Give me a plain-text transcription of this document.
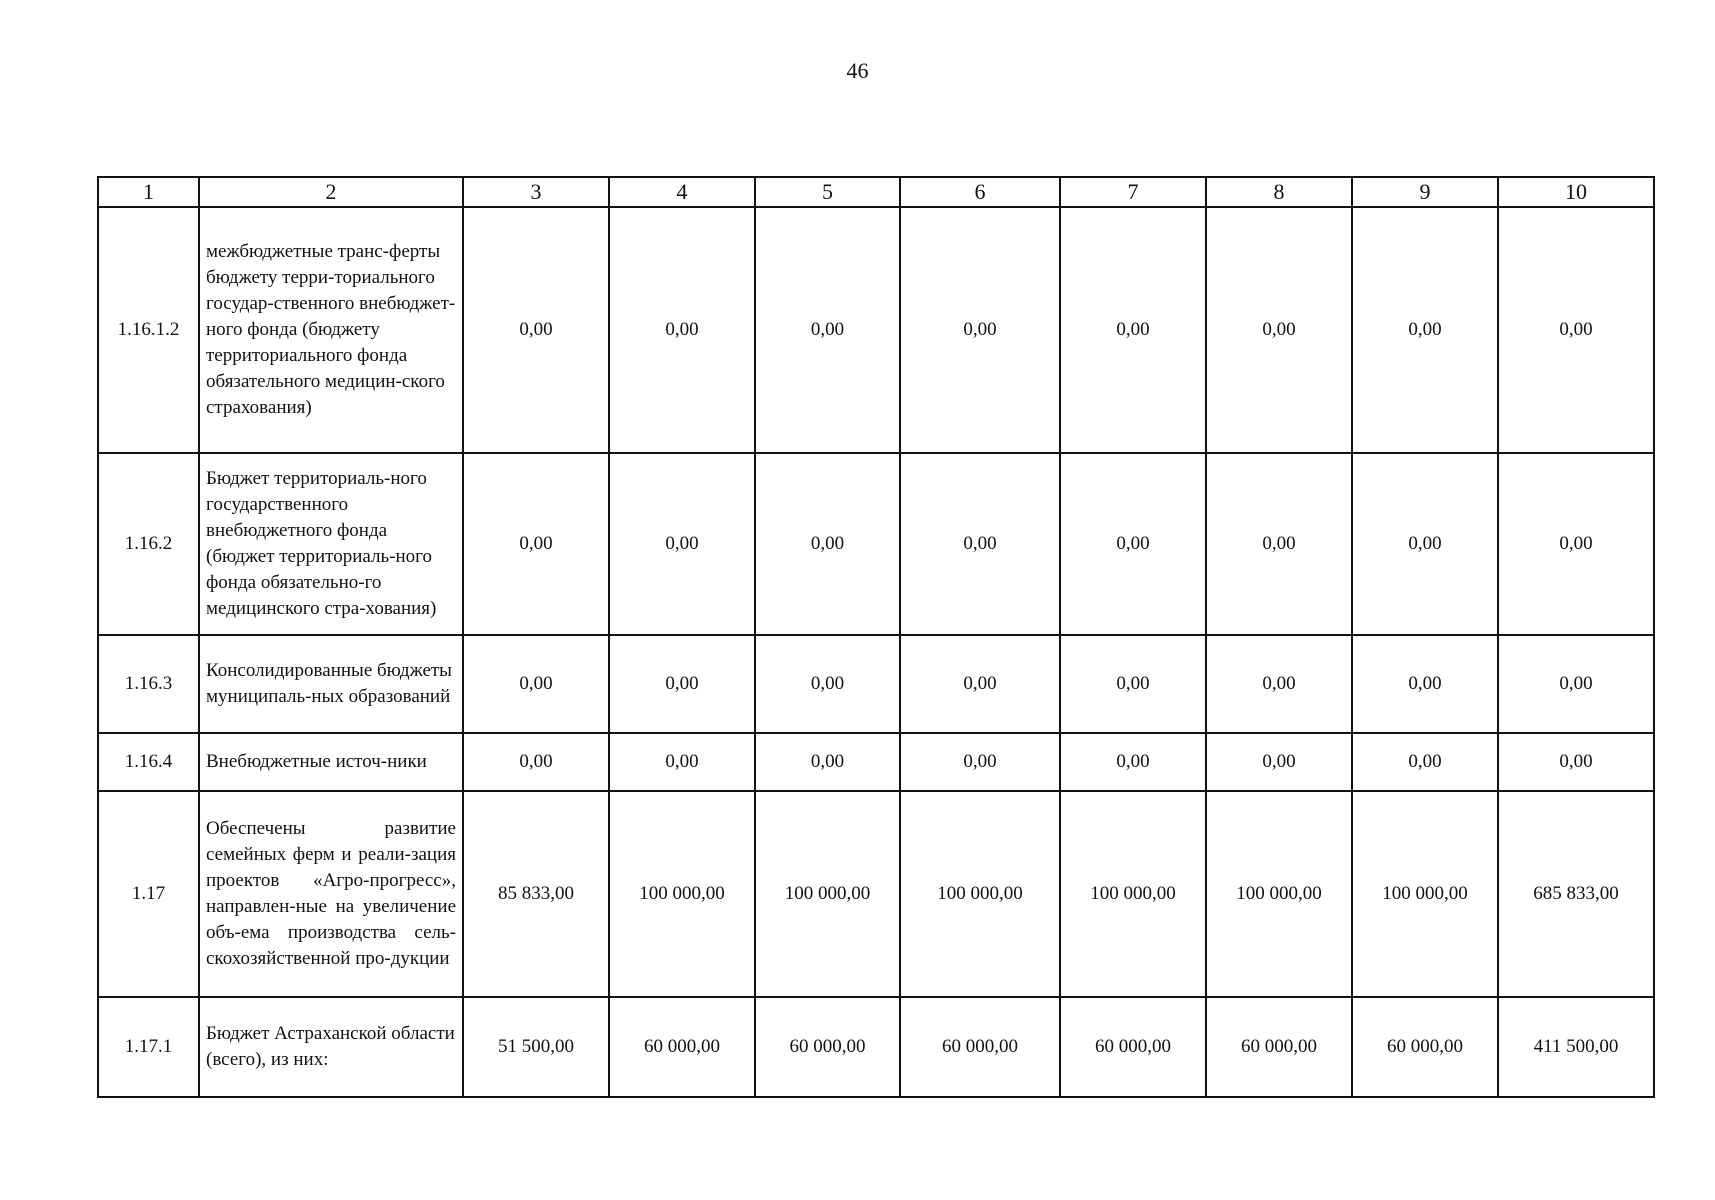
46
1	2	3	4	5	6	7	8	9	10
1.16.1.2	межбюджетные транс-ферты бюджету терри-ториального государ-ственного внебюджет-ного фонда (бюджету территориального фонда обязательного медицин-ского страхования)	0,00	0,00	0,00	0,00	0,00	0,00	0,00	0,00
1.16.2	Бюджет территориаль-ного государственного внебюджетного фонда (бюджет территориаль-ного фонда обязательно-го медицинского стра-хования)	0,00	0,00	0,00	0,00	0,00	0,00	0,00	0,00
1.16.3	Консолидированные бюджеты муниципаль-ных образований	0,00	0,00	0,00	0,00	0,00	0,00	0,00	0,00
1.16.4	Внебюджетные источ-ники	0,00	0,00	0,00	0,00	0,00	0,00	0,00	0,00
1.17	Обеспечены развитие семейных ферм и реали-зация проектов «Агро-прогресс», направлен-ные на увеличение объ-ема производства сель-скохозяйственной про-дукции	85 833,00	100 000,00	100 000,00	100 000,00	100 000,00	100 000,00	100 000,00	685 833,00
1.17.1	Бюджет Астраханской области (всего), из них:	51 500,00	60 000,00	60 000,00	60 000,00	60 000,00	60 000,00	60 000,00	411 500,00
